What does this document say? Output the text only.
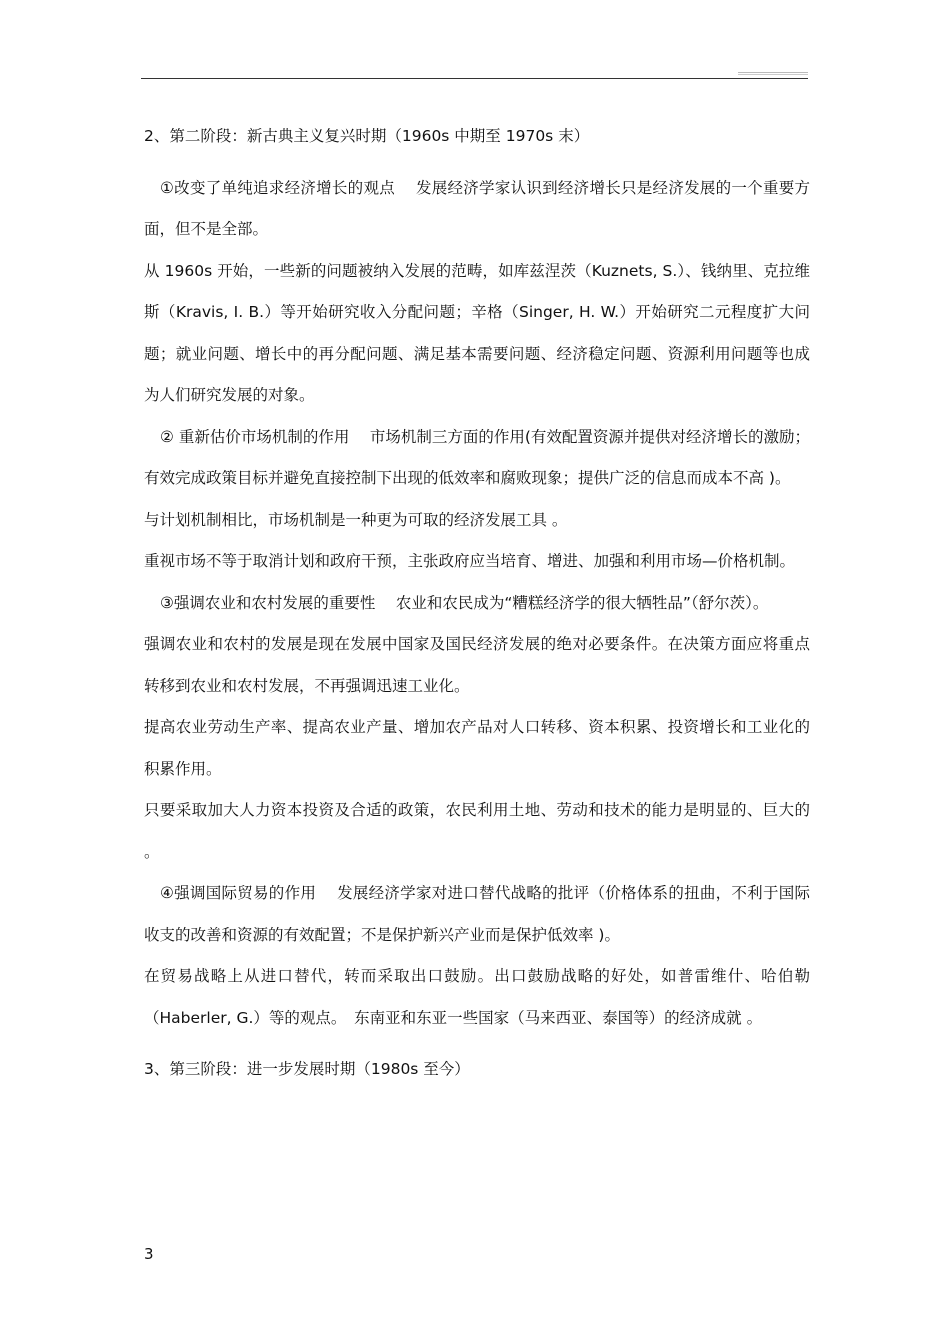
2、第二阶段：新古典主义复兴时期（1960s 中期至 1970s 末）

①改变了单纯追求经济增长的观点　 发展经济学家认识到经济增长只是经济发展的一个重要方面，但不是全部。

从 1960s 开始，一些新的问题被纳入发展的范畴，如库兹涅茨（Kuznets, S.）、钱纳里、克拉维斯（Kravis, I. B.）等开始研究收入分配问题；辛格（Singer, H. W.）开始研究二元程度扩大问题；就业问题、增长中的再分配问题、满足基本需要问题、经济稳定问题、资源利用问题等也成为人们研究发展的对象。

② 重新估价市场机制的作用　 市场机制三方面的作用(有效配置资源并提供对经济增长的激励；有效完成政策目标并避免直接控制下出现的低效率和腐败现象；提供广泛的信息而成本不高 )。

与计划机制相比，市场机制是一种更为可取的经济发展工具 。

重视市场不等于取消计划和政府干预，主张政府应当培育、增进、加强和利用市场—价格机制。

③强调农业和农村发展的重要性　 农业和农民成为“糟糕经济学的很大牺牲品”（舒尔茨）。

强调农业和农村的发展是现在发展中国家及国民经济发展的绝对必要条件。在决策方面应将重点转移到农业和农村发展，不再强调迅速工业化。

提高农业劳动生产率、提高农业产量、增加农产品对人口转移、资本积累、投资增长和工业化的积累作用。

只要采取加大人力资本投资及合适的政策，农民利用土地、劳动和技术的能力是明显的、巨大的 。

④强调国际贸易的作用　 发展经济学家对进口替代战略的批评（价格体系的扭曲，不利于国际收支的改善和资源的有效配置；不是保护新兴产业而是保护低效率 )。

在贸易战略上从进口替代，转而采取出口鼓励。出口鼓励战略的好处，如普雷维什、哈伯勒（Haberler, G.）等的观点。　东南亚和东亚一些国家（马来西亚、泰国等）的经济成就 。

3、第三阶段：进一步发展时期（1980s 至今）

3
